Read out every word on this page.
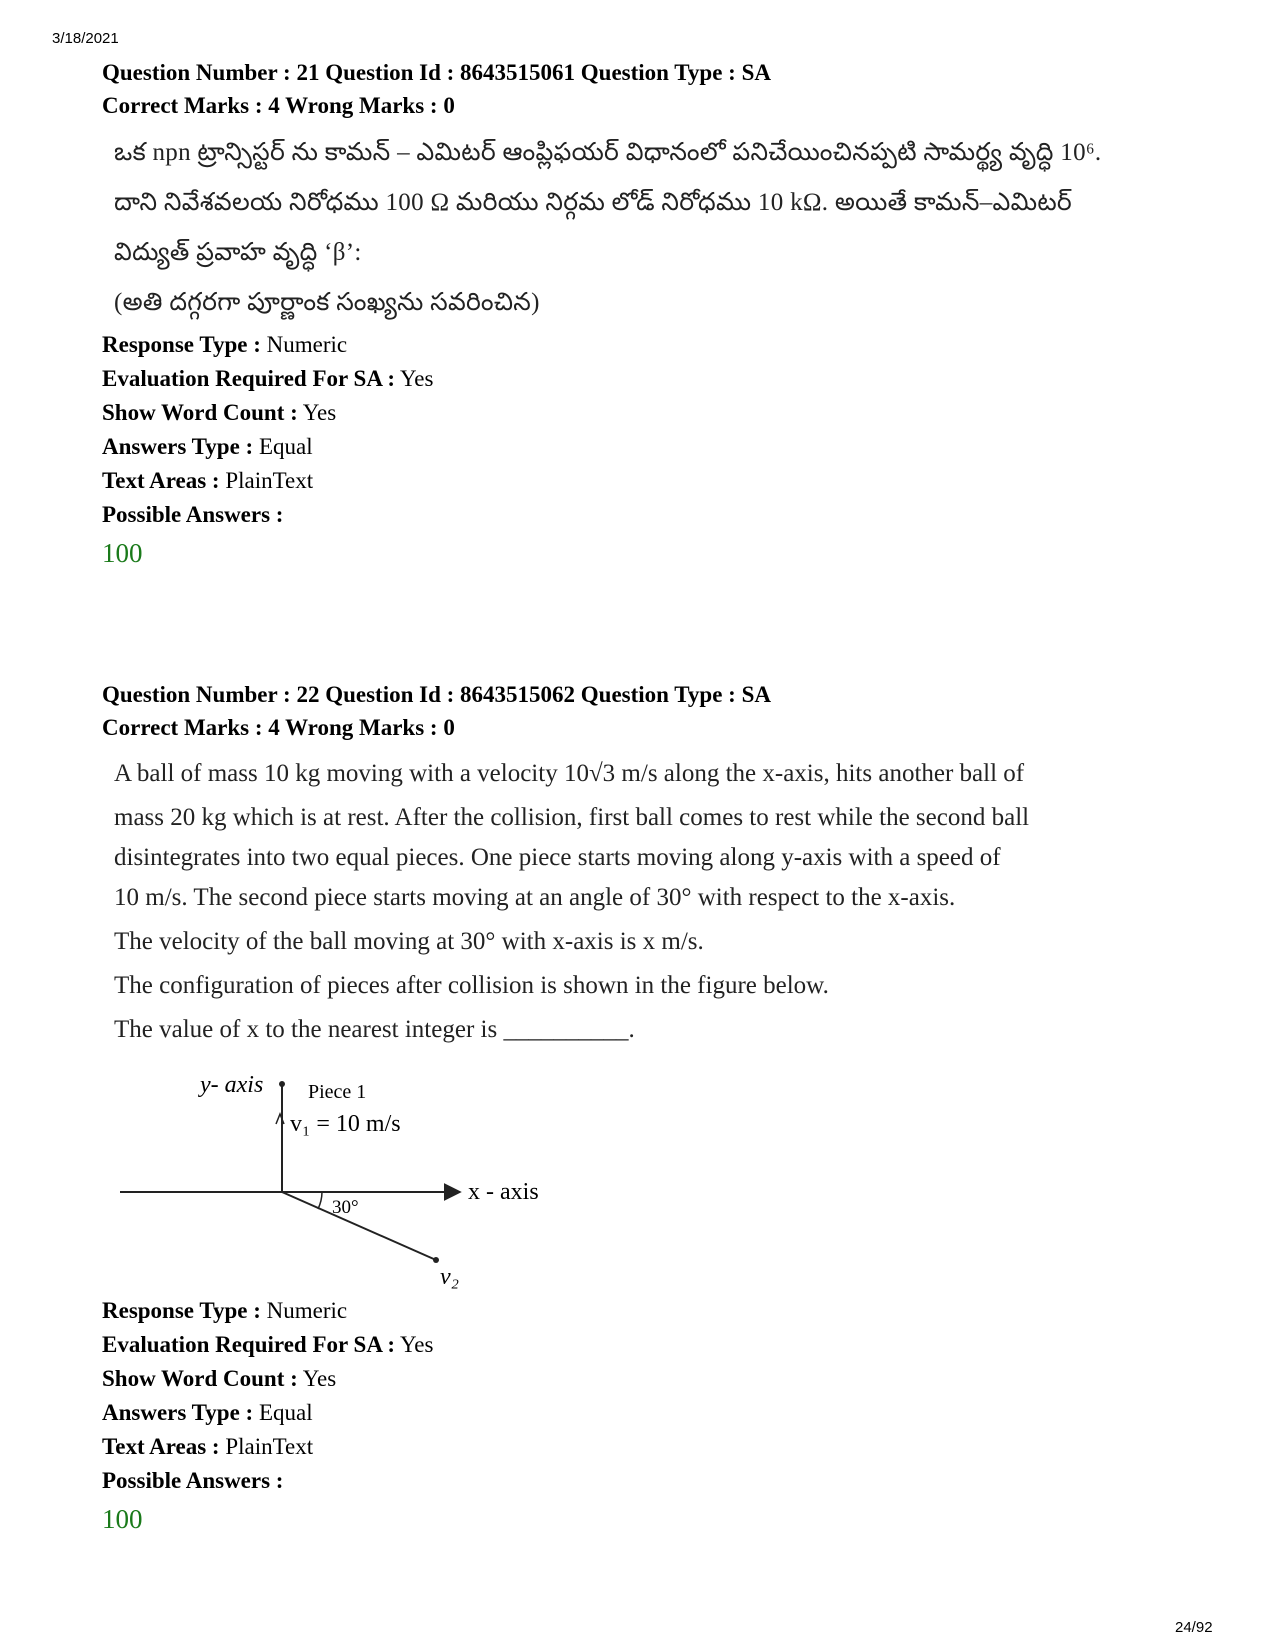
3/18/2021
Question Number : 21 Question Id : 8643515061 Question Type : SA
Correct Marks : 4 Wrong Marks : 0
ఒక npn ట్రాన్సిస్టర్ ను కామన్ – ఎమిటర్ ఆంప్లిఫయర్ విధానంలో పనిచేయించినప్పటి సామర్థ్య వృద్ధి 10⁶.
దాని నివేశవలయ నిరోధము 100 Ω మరియు నిర్గమ లోడ్ నిరోధము 10 kΩ. అయితే కామన్–ఎమిటర్
విద్యుత్ ప్రవాహ వృద్ధి ‘β’:
(అతి దగ్గరగా పూర్ణాంక సంఖ్యను సవరించిన)
Response Type : Numeric
Evaluation Required For SA : Yes
Show Word Count : Yes
Answers Type : Equal
Text Areas : PlainText
Possible Answers :
100
Question Number : 22 Question Id : 8643515062 Question Type : SA
Correct Marks : 4 Wrong Marks : 0
A ball of mass 10 kg moving with a velocity 10√3 m/s along the x-axis, hits another ball of
mass 20 kg which is at rest. After the collision, first ball comes to rest while the second ball
disintegrates into two equal pieces. One piece starts moving along y-axis with a speed of
10 m/s. The second piece starts moving at an angle of 30° with respect to the x-axis.
The velocity of the ball moving at 30° with x-axis is x m/s.
The configuration of pieces after collision is shown in the figure below.
The value of x to the nearest integer is __________.
y- axis Piece 1
v₁ = 10 m/s
x - axis
30°
v₂
Response Type : Numeric
Evaluation Required For SA : Yes
Show Word Count : Yes
Answers Type : Equal
Text Areas : PlainText
Possible Answers :
100
24/92
